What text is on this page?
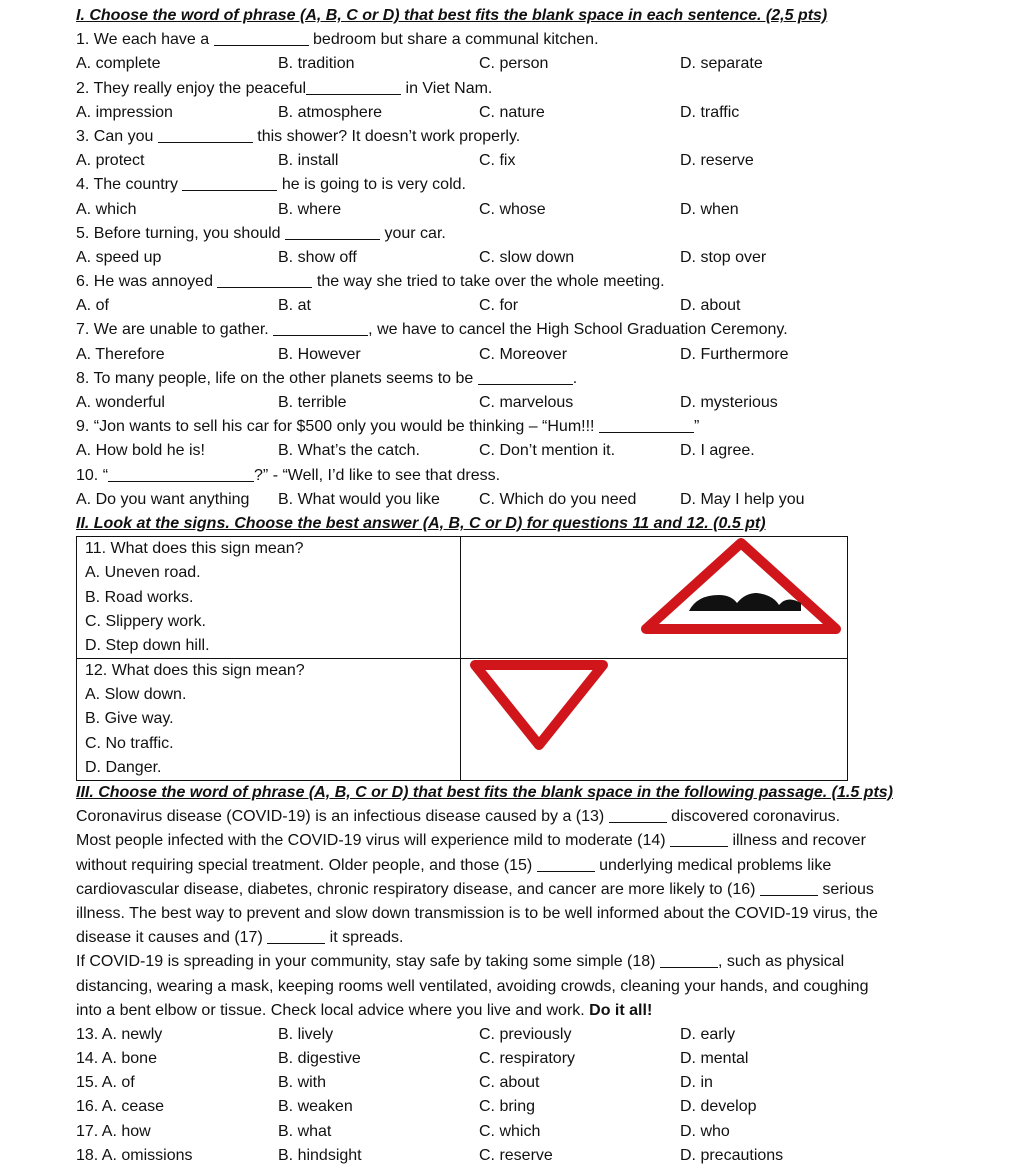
I. Choose the word of phrase (A, B, C or D) that best fits the blank space in each sentence. (2,5 pts)
1. We each have a	bedroom but share a communal kitchen.
A. complete	B. tradition	C. person	D. separate
2. They really enjoy the peaceful	in Viet Nam.
A. impression	B. atmosphere	C. nature	D. traffic
3. Can you	this shower? It doesn’t work properly.
A. protect	B. install	C. fix	D. reserve
4. The country	he is going to is very cold.
A. which	B. where	C. whose	D. when
5. Before turning, you should	your car.
A. speed up	B. show off	C. slow down	D. stop over
6. He was annoyed	the way she tried to take over the whole meeting.
A. of	B. at	C. for	D. about
7. We are unable to gather.	, we have to cancel the High School Graduation Ceremony.
A. Therefore	B. However	C. Moreover	D. Furthermore
8. To many people, life on the other planets seems to be	.
A. wonderful	B. terrible	C. marvelous	D. mysterious
9. “Jon wants to sell his car for $500 only you would be thinking – “Hum!!!	”
A. How bold he is!	B. What’s the catch.	C. Don’t mention it.	D. I agree.
10. “	?” - “Well, I’d like to see that dress.
A. Do you want anything	B. What would you like	C. Which do you need	D. May I help you
II. Look at the signs. Choose the best answer (A, B, C or D) for questions 11 and 12. (0.5 pt)
11. What does this sign mean?
A. Uneven road.
B. Road works.
C. Slippery work.
D. Step down hill.

12. What does this sign mean?
A. Slow down.
B. Give way.
C. No traffic.
D. Danger.

III. Choose the word of phrase (A, B, C or D) that best fits the blank space in the following passage. (1.5 pts)
Coronavirus disease (COVID-19) is an infectious disease caused by a (13)	discovered coronavirus.
Most people infected with the COVID-19 virus will experience mild to moderate (14)	illness and recover
without requiring special treatment. Older people, and those (15)	underlying medical problems like
cardiovascular disease, diabetes, chronic respiratory disease, and cancer are more likely to (16)	serious
illness. The best way to prevent and slow down transmission is to be well informed about the COVID-19 virus, the
disease it causes and (17)	it spreads.
If COVID-19 is spreading in your community, stay safe by taking some simple (18)	, such as physical
distancing, wearing a mask, keeping rooms well ventilated, avoiding crowds, cleaning your hands, and coughing
into a bent elbow or tissue. Check local advice where you live and work. Do it all!
13. A. newly	B. lively	C. previously	D. early
14. A. bone	B. digestive	C. respiratory	D. mental
15. A. of	B. with	C. about	D. in
16. A. cease	B. weaken	C. bring	D. develop
17. A. how	B. what	C. which	D. who
18. A. omissions	B. hindsight	C. reserve	D. precautions
